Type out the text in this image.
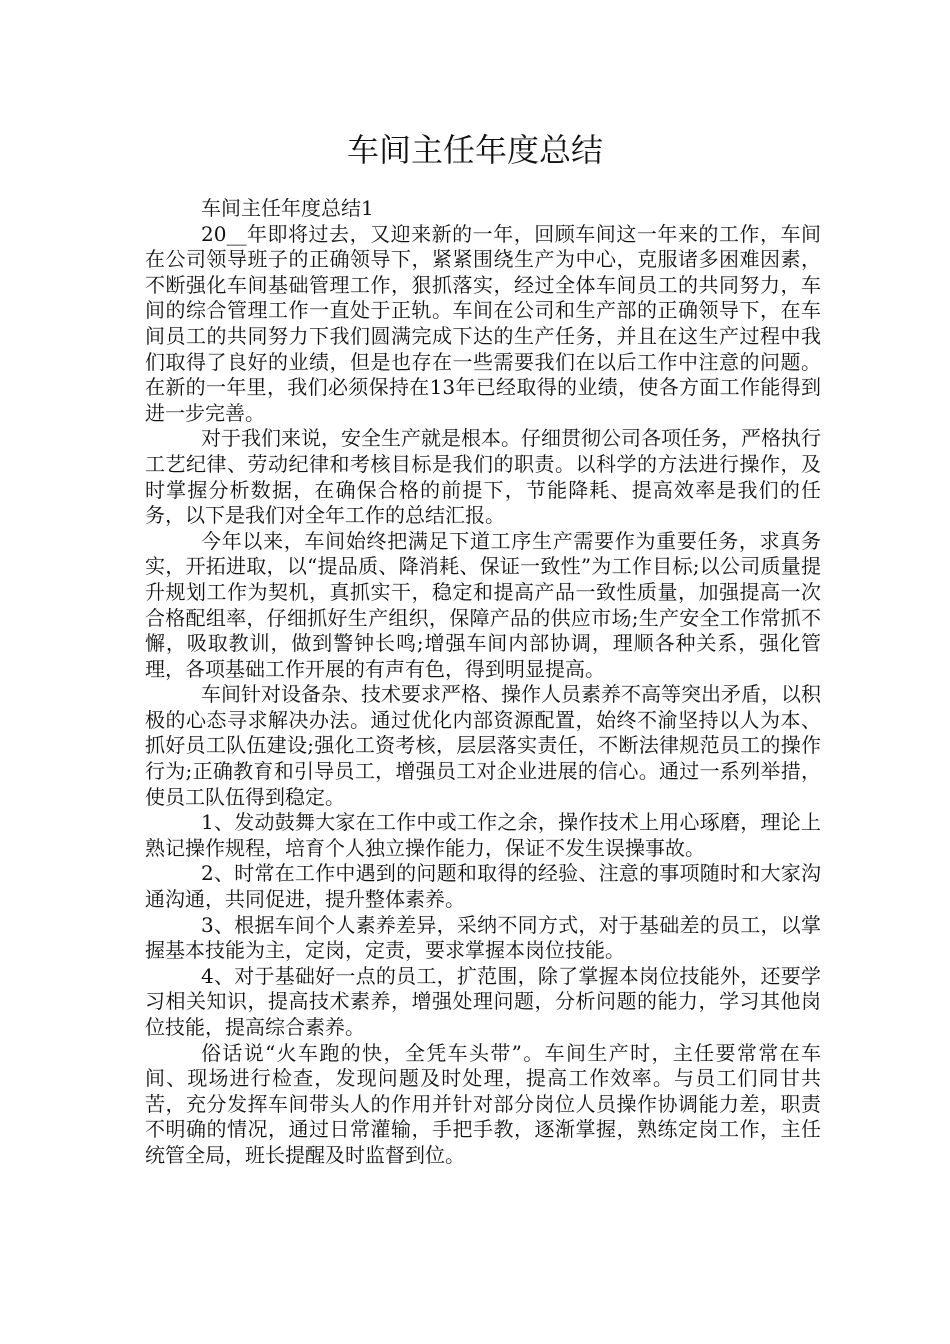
车间主任年度总结

车间主任年度总结1

20__年即将过去，又迎来新的一年，回顾车间这一年来的工作，车间在公司领导班子的正确领导下，紧紧围绕生产为中心，克服诸多困难因素，不断强化车间基础管理工作，狠抓落实，经过全体车间员工的共同努力，车间的综合管理工作一直处于正轨。车间在公司和生产部的正确领导下，在车间员工的共同努力下我们圆满完成下达的生产任务，并且在这生产过程中我们取得了良好的业绩，但是也存在一些需要我们在以后工作中注意的问题。在新的一年里，我们必须保持在13年已经取得的业绩，使各方面工作能得到进一步完善。

对于我们来说，安全生产就是根本。仔细贯彻公司各项任务，严格执行工艺纪律、劳动纪律和考核目标是我们的职责。以科学的方法进行操作，及时掌握分析数据，在确保合格的前提下，节能降耗、提高效率是我们的任务，以下是我们对全年工作的总结汇报。

今年以来，车间始终把满足下道工序生产需要作为重要任务，求真务实，开拓进取，以“提品质、降消耗、保证一致性”为工作目标;以公司质量提升规划工作为契机，真抓实干，稳定和提高产品一致性质量，加强提高一次合格配组率，仔细抓好生产组织，保障产品的供应市场;生产安全工作常抓不懈，吸取教训，做到警钟长鸣;增强车间内部协调，理顺各种关系，强化管理，各项基础工作开展的有声有色，得到明显提高。

车间针对设备杂、技术要求严格、操作人员素养不高等突出矛盾，以积极的心态寻求解决办法。通过优化内部资源配置，始终不渝坚持以人为本、抓好员工队伍建设;强化工资考核，层层落实责任，不断法律规范员工的操作行为;正确教育和引导员工，增强员工对企业进展的信心。通过一系列举措，使员工队伍得到稳定。

1、发动鼓舞大家在工作中或工作之余，操作技术上用心琢磨，理论上熟记操作规程，培育个人独立操作能力，保证不发生误操事故。

2、时常在工作中遇到的问题和取得的经验、注意的事项随时和大家沟通沟通，共同促进，提升整体素养。

3、根据车间个人素养差异，采纳不同方式，对于基础差的员工，以掌握基本技能为主，定岗，定责，要求掌握本岗位技能。

4、对于基础好一点的员工，扩范围，除了掌握本岗位技能外，还要学习相关知识，提高技术素养，增强处理问题，分析问题的能力，学习其他岗位技能，提高综合素养。

俗话说“火车跑的快，全凭车头带”。车间生产时，主任要常常在车间、现场进行检查，发现问题及时处理，提高工作效率。与员工们同甘共苦，充分发挥车间带头人的作用并针对部分岗位人员操作协调能力差，职责不明确的情况，通过日常灌输，手把手教，逐渐掌握，熟练定岗工作，主任统管全局，班长提醒及时监督到位。
